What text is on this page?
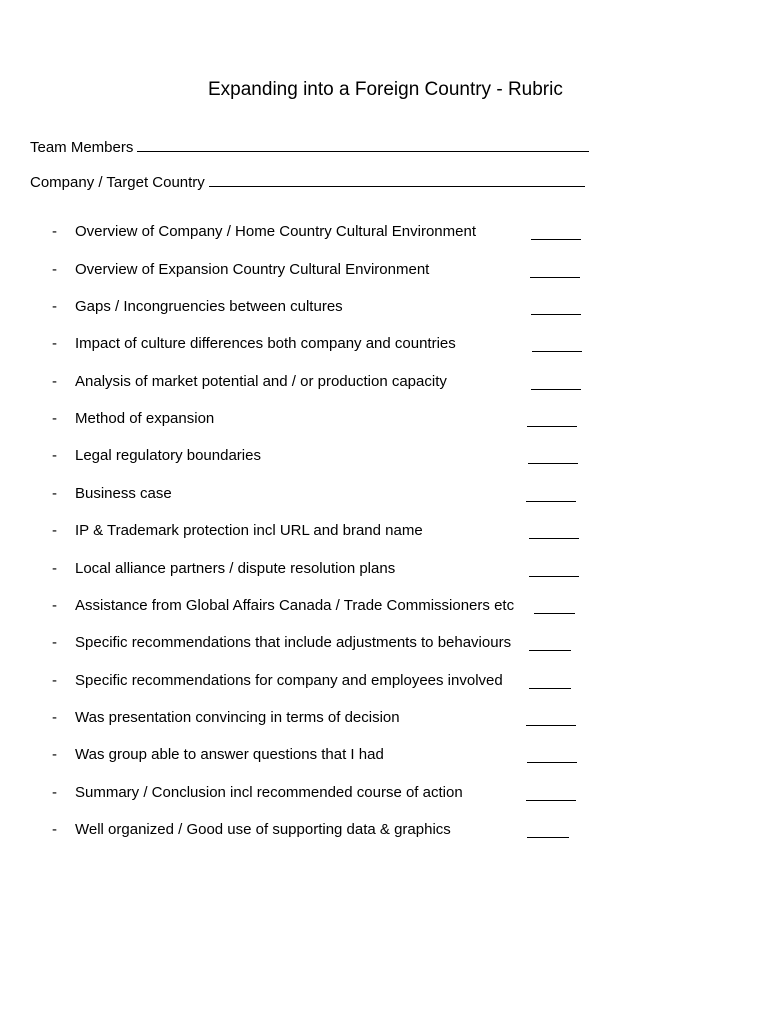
Expanding into a Foreign Country - Rubric
Team Members
Company / Target Country
- Overview of Company / Home Country Cultural Environment
- Overview of Expansion Country Cultural Environment
- Gaps / Incongruencies between cultures
- Impact of culture differences both company and countries
- Analysis of market potential and / or production capacity
- Method of expansion
- Legal regulatory boundaries
- Business case
- IP & Trademark protection incl URL and brand name
- Local alliance partners / dispute resolution plans
- Assistance from Global Affairs Canada / Trade Commissioners etc
- Specific recommendations that include adjustments to behaviours
- Specific recommendations for company and employees involved
- Was presentation convincing in terms of decision
- Was group able to answer questions that I had
- Summary / Conclusion incl recommended course of action
- Well organized / Good use of supporting data & graphics
